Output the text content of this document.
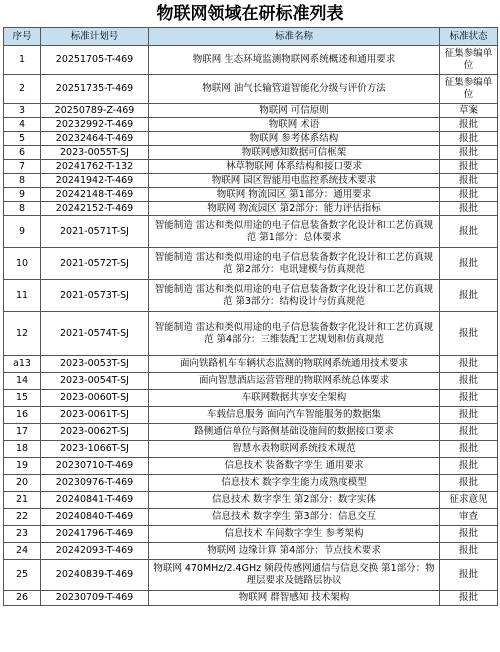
物联网领域在研标准列表
序号	标准计划号	标准名称	标准状态
1	20251705-T-469	物联网 生态环境监测物联网系统概述和通用要求	征集参编单位
2	20251735-T-469	物联网 油气长输管道智能化分级与评价方法	征集参编单位
3	20250789-Z-469	物联网 可信原则	草案
4	20232992-T-469	物联网 术语	报批
5	20232464-T-469	物联网 参考体系结构	报批
6	2023-0055T-SJ	物联网感知数据可信框架	报批
7	20241762-T-132	林草物联网 体系结构和接口要求	报批
8	20241942-T-469	物联网 园区智能用电监控系统技术要求	报批
9	20242148-T-469	物联网 物流园区 第1部分：通用要求	报批
8	20242152-T-469	物联网 物流园区 第2部分：能力评估指标	报批
9	2021-0571T-SJ	智能制造 雷达和类似用途的电子信息装备数字化设计和工艺仿真规范 第1部分：总体要求	报批
10	2021-0572T-SJ	智能制造 雷达和类似用途的电子信息装备数字化设计和工艺仿真规范 第2部分：电讯建模与仿真规范	报批
11	2021-0573T-SJ	智能制造 雷达和类似用途的电子信息装备数字化设计和工艺仿真规范 第3部分：结构设计与仿真规范	报批
12	2021-0574T-SJ	智能制造 雷达和类似用途的电子信息装备数字化设计和工艺仿真规范 第4部分：三维装配工艺规划和仿真规范	报批
a13	2023-0053T-SJ	面向铁路机车车辆状态监测的物联网系统通用技术要求	报批
14	2023-0054T-SJ	面向智慧酒店运营管理的物联网系统总体要求	报批
15	2023-0060T-SJ	车联网数据共享安全架构	报批
16	2023-0061T-SJ	车载信息服务 面向汽车智能服务的数据集	报批
17	2023-0062T-SJ	路侧通信单位与路侧基础设施间的数据接口要求	报批
18	2023-1066T-SJ	智慧水表物联网系统技术规范	报批
19	20230710-T-469	信息技术 装备数字孪生 通用要求	报批
20	20230976-T-469	信息技术 数字孪生能力成熟度模型	报批
21	20240841-T-469	信息技术 数字孪生 第2部分：数字实体	征求意见
22	20240840-T-469	信息技术 数字孪生 第3部分：信息交互	审查
23	20241796-T-469	信息技术 车间数字孪生 参考架构	报批
24	20242093-T-469	物联网 边缘计算 第4部分：节点技术要求	报批
25	20240839-T-469	物联网 470MHz/2.4GHz 频段传感网通信与信息交换 第1部分：物理层要求及链路层协议	报批
26	20230709-T-469	物联网 群智感知 技术架构	报批
